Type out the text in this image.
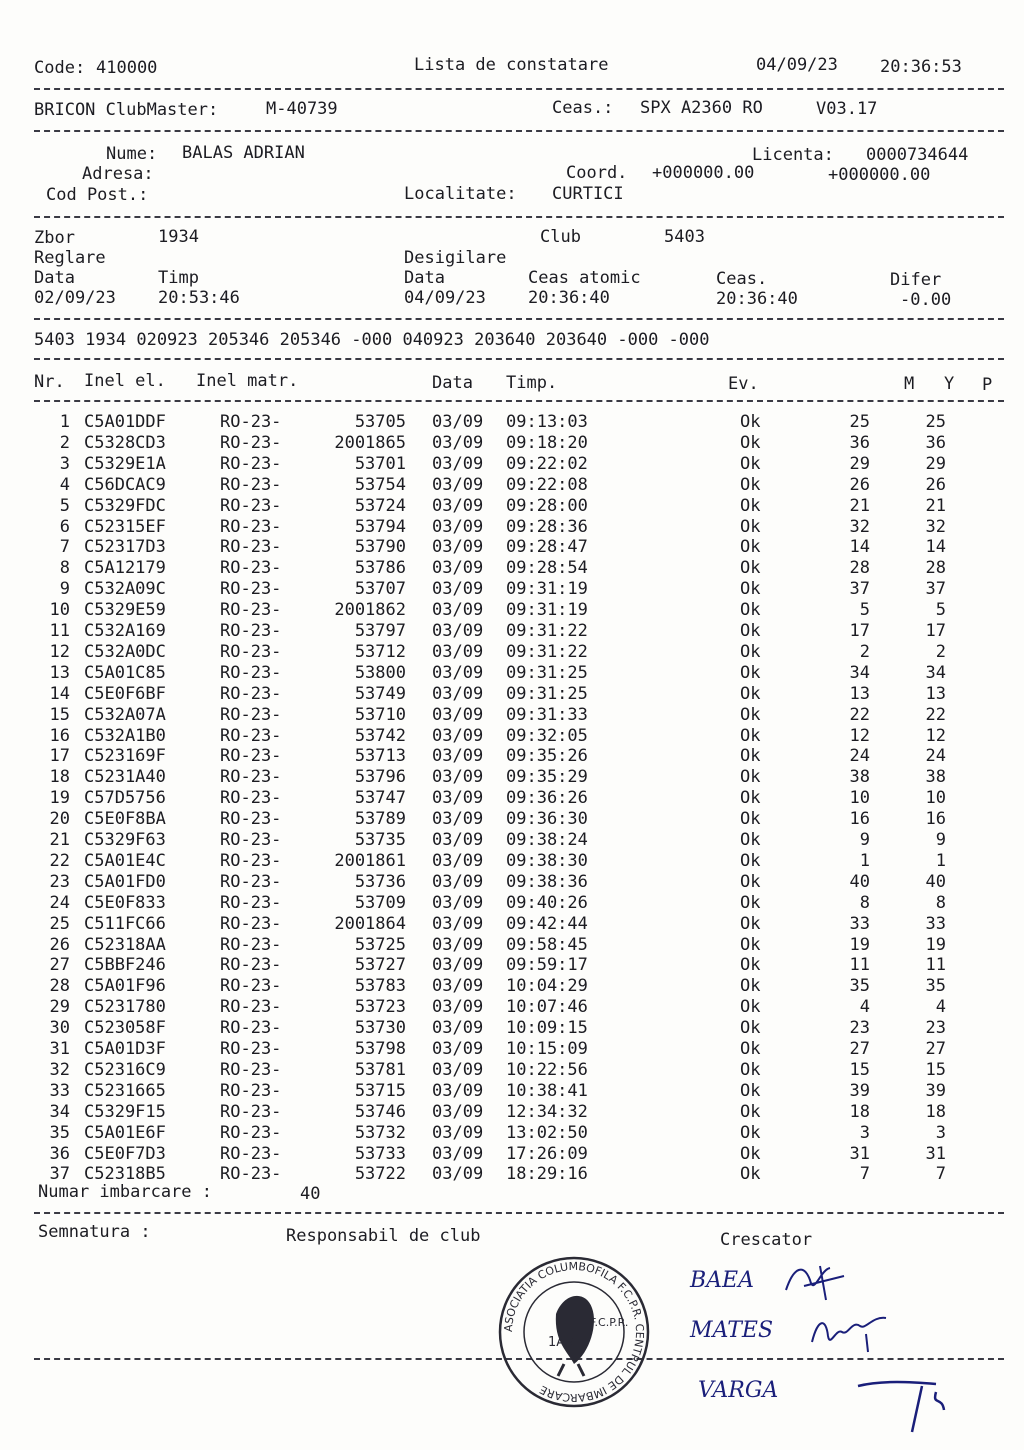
Code: 410000	Lista de constatare	04/09/23 20:36:53
BRICON ClubMaster:	M-40739	Ceas.: SPX A2360 RO	V03.17
Nume: BALAS ADRIAN	Licenta: 0000734644
Adresa:	Coord. +000000.00	+000000.00
Cod Post.:	Localitate: CURTICI
Zbor	1934	Club	5403
Reglare	Desigilare
Data	Timp	Data	Ceas atomic	Ceas.	Difer
02/09/23 20:53:46	04/09/23 20:36:40	20:36:40	-0.00
5403 1934 020923 205346 205346 -000 040923 203640 203640 -000 -000
Nr. Inel el. Inel matr.	Data Timp.	Ev.	M Y P
1 C5A01DDF	RO-23-	53705 03/09 09:13:03	Ok	25	25
2 C5328CD3	RO-23-	2001865 03/09 09:18:20	Ok	36	36
3 C5329E1A	RO-23-	53701 03/09 09:22:02	Ok	29	29
4 C56DCAC9	RO-23-	53754 03/09 09:22:08	Ok	26	26
5 C5329FDC	RO-23-	53724 03/09 09:28:00	Ok	21	21
6 C52315EF	RO-23-	53794 03/09 09:28:36	Ok	32	32
7 C52317D3	RO-23-	53790 03/09 09:28:47	Ok	14	14
8 C5A12179	RO-23-	53786 03/09 09:28:54	Ok	28	28
9 C532A09C	RO-23-	53707 03/09 09:31:19	Ok	37	37
10 C5329E59	RO-23-	2001862 03/09 09:31:19	Ok	5	5
11 C532A169	RO-23-	53797 03/09 09:31:22	Ok	17	17
12 C532A0DC	RO-23-	53712 03/09 09:31:22	Ok	2	2
13 C5A01C85	RO-23-	53800 03/09 09:31:25	Ok	34	34
14 C5E0F6BF	RO-23-	53749 03/09 09:31:25	Ok	13	13
15 C532A07A	RO-23-	53710 03/09 09:31:33	Ok	22	22
16 C532A1B0	RO-23-	53742 03/09 09:32:05	Ok	12	12
17 C523169F	RO-23-	53713 03/09 09:35:26	Ok	24	24
18 C5231A40	RO-23-	53796 03/09 09:35:29	Ok	38	38
19 C57D5756	RO-23-	53747 03/09 09:36:26	Ok	10	10
20 C5E0F8BA	RO-23-	53789 03/09 09:36:30	Ok	16	16
21 C5329F63	RO-23-	53735 03/09 09:38:24	Ok	9	9
22 C5A01E4C	RO-23-	2001861 03/09 09:38:30	Ok	1	1
23 C5A01FD0	RO-23-	53736 03/09 09:38:36	Ok	40	40
24 C5E0F833	RO-23-	53709 03/09 09:40:26	Ok	8	8
25 C511FC66	RO-23-	2001864 03/09 09:42:44	Ok	33	33
26 C52318AA	RO-23-	53725 03/09 09:58:45	Ok	19	19
27 C5BBF246	RO-23-	53727 03/09 09:59:17	Ok	11	11
28 C5A01F96	RO-23-	53783 03/09 10:04:29	Ok	35	35
29 C5231780	RO-23-	53723 03/09 10:07:46	Ok	4	4
30 C523058F	RO-23-	53730 03/09 10:09:15	Ok	23	23
31 C5A01D3F	RO-23-	53798 03/09 10:15:09	Ok	27	27
32 C52316C9	RO-23-	53781 03/09 10:22:56	Ok	15	15
33 C5231665	RO-23-	53715 03/09 10:38:41	Ok	39	39
34 C5329F15	RO-23-	53746 03/09 12:34:32	Ok	18	18
35 C5A01E6F	RO-23-	53732 03/09 13:02:50	Ok	3	3
36 C5E0F7D3	RO-23-	53733 03/09 17:26:09	Ok	31	31
37 C52318B5	RO-23-	53722 03/09 18:29:16	Ok	7	7
Numar imbarcare :	40
Semnatura :	Responsabil de club	Crescator
ASOCIATIA COLUMBOFILA F.C.P.R. CENTRUL DE IMBARCARE
F.C.P.R.
1AR
BAEA
MATES
VARGA
